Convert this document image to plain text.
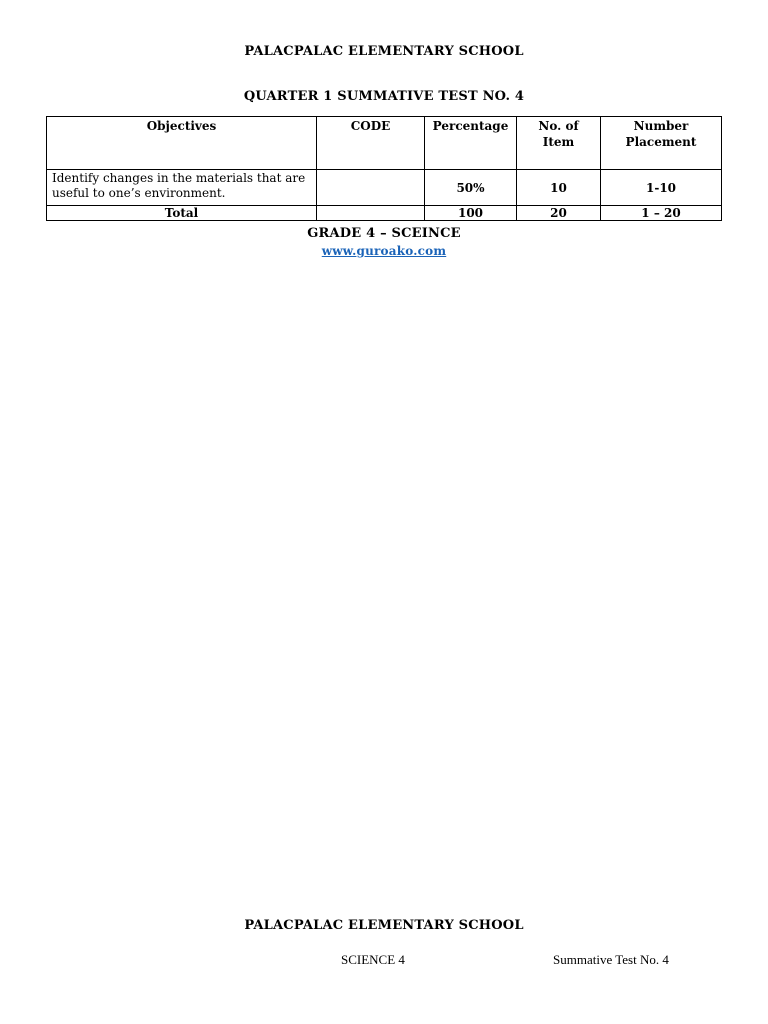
PALACPALAC ELEMENTARY SCHOOL
QUARTER 1 SUMMATIVE TEST NO. 4
Objectives	CODE	Percentage	No. of Item	Number Placement
Identify changes in the materials that are useful to one’s environment.		50%	10	1-10
Total		100	20	1 – 20
GRADE 4 – SCEINCE
www.guroako.com
PALACPALAC ELEMENTARY SCHOOL
SCIENCE 4	Summative Test No. 4
